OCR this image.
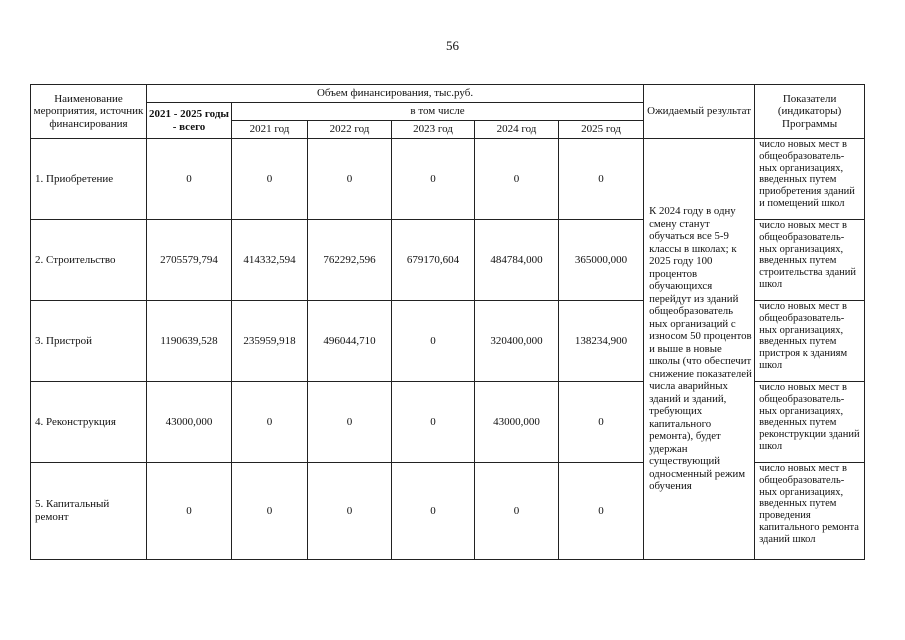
56
Наименование мероприятия, источник финансирования	Объем финансирования, тыс.руб.						Ожидаемый результат	Показатели (индикаторы) Программы
	2021 - 2025 годы - всего	в том числе						
		2021 год	2022 год	2023 год	2024 год	2025 год		
1. Приобретение	0	0	0	0	0	0	К 2024 году в одну смену станут обучаться все 5-9 классы в школах; к 2025 году 100 процентов обучающихся перейдут из зданий общеобразователь ных организаций с износом 50 процентов и выше в новые школы (что обеспечит снижение показателей числа аварийных зданий и зданий, требующих капитального ремонта), будет удержан существующий односменный режим обучения	число новых мест в общеобразователь-ных организациях, введенных путем приобретения зданий и помещений школ
2. Строительство	2705579,794	414332,594	762292,596	679170,604	484784,000	365000,000		число новых мест в общеобразователь-ных организациях, введенных путем строительства зданий школ
3. Пристрой	1190639,528	235959,918	496044,710	0	320400,000	138234,900		число новых мест в общеобразователь-ных организациях, введенных путем пристроя к зданиям школ
4. Реконструкция	43000,000	0	0	0	43000,000	0		число новых мест в общеобразователь-ных организациях, введенных путем реконструкции зданий школ
5. Капитальный ремонт	0	0	0	0	0	0		число новых мест в общеобразователь-ных организациях, введенных путем проведения капитального ремонта зданий школ
